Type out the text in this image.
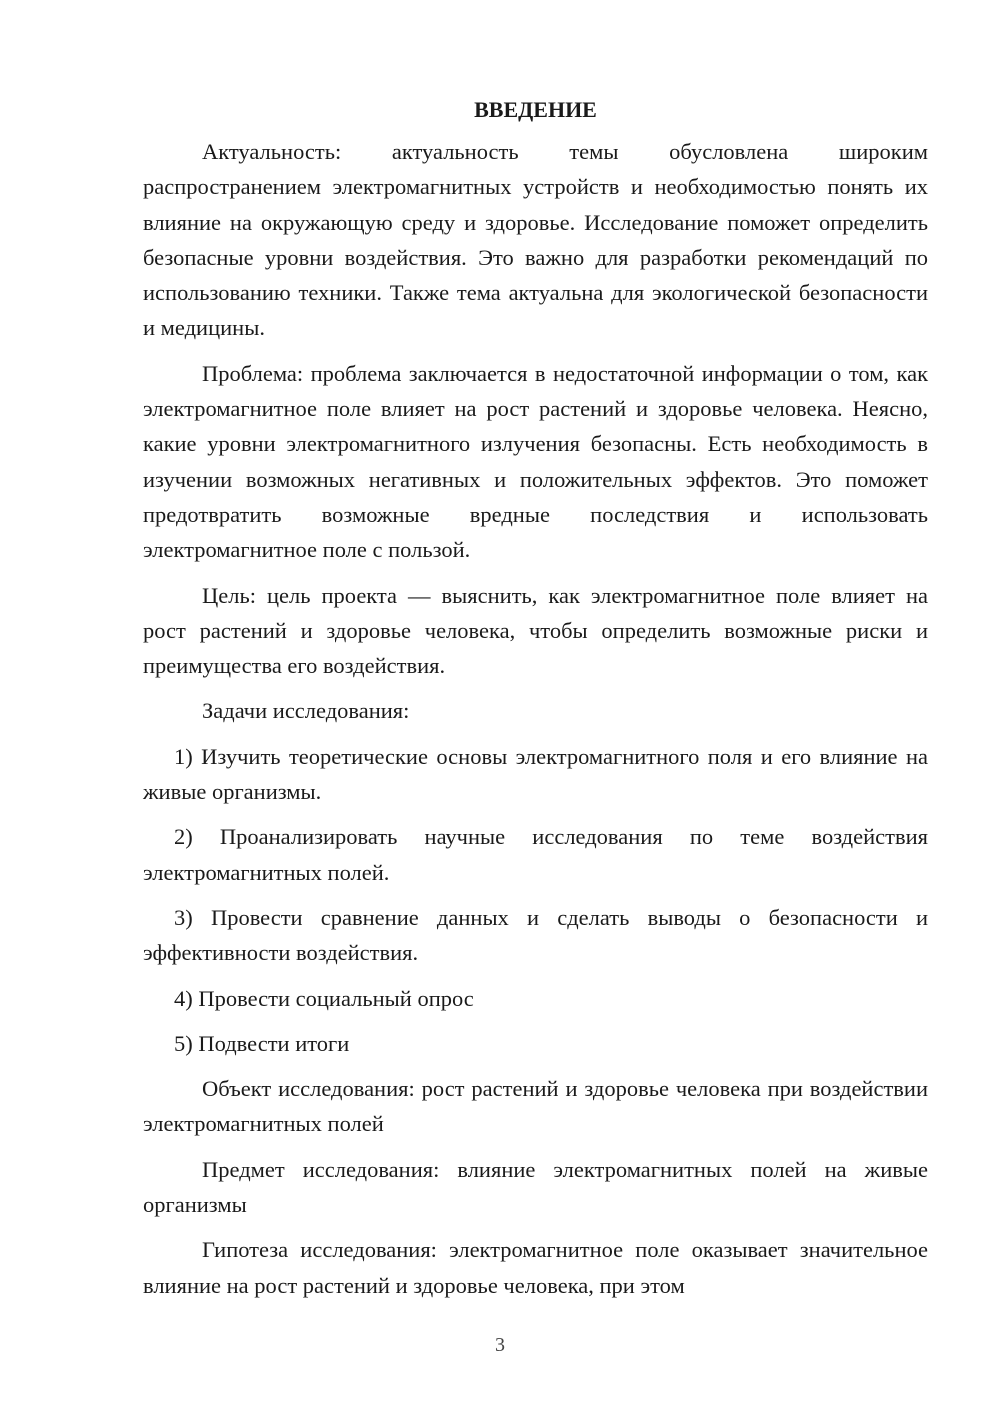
ВВЕДЕНИЕ

Актуальность: актуальность темы обусловлена широким распространением электромагнитных устройств и необходимостью понять их влияние на окружающую среду и здоровье. Исследование поможет определить безопасные уровни воздействия. Это важно для разработки рекомендаций по использованию техники. Также тема актуальна для экологической безопасности и медицины.

Проблема: проблема заключается в недостаточной информации о том, как электромагнитное поле влияет на рост растений и здоровье человека. Неясно, какие уровни электромагнитного излучения безопасны. Есть необходимость в изучении возможных негативных и положительных эффектов. Это поможет предотвратить возможные вредные последствия и использовать электромагнитное поле с пользой.

Цель: цель проекта — выяснить, как электромагнитное поле влияет на рост растений и здоровье человека, чтобы определить возможные риски и преимущества его воздействия.

Задачи исследования:

1) Изучить теоретические основы электромагнитного поля и его влияние на живые организмы.

2) Проанализировать научные исследования по теме воздействия электромагнитных полей.

3) Провести сравнение данных и сделать выводы о безопасности и эффективности воздействия.

4) Провести социальный опрос

5) Подвести итоги

Объект исследования: рост растений и здоровье человека при воздействии электромагнитных полей

Предмет исследования: влияние электромагнитных полей на живые организмы

Гипотеза исследования: электромагнитное поле оказывает значительное влияние на рост растений и здоровье человека, при этом

3
